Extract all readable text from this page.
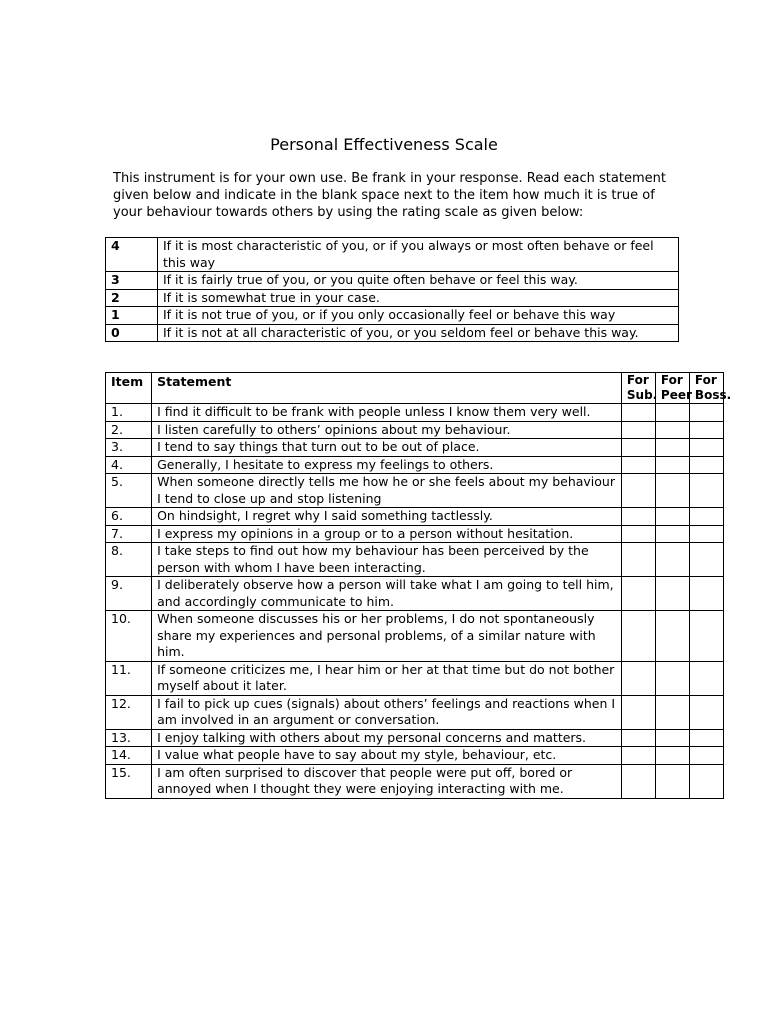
Personal Effectiveness Scale
This instrument is for your own use. Be frank in your response. Read each statement given below and indicate in the blank space next to the item how much it is true of your behaviour towards others by using the rating scale as given below:
4	If it is most characteristic of you, or if you always or most often behave or feel this way
3	If it is fairly true of you, or you quite often behave or feel this way.
2	If it is somewhat true in your case.
1	If it is not true of you, or if you only occasionally feel or behave this way
0	If it is not at all characteristic of you, or you seldom feel or behave this way.
Item	Statement	For Sub.	For Peer	For Boss.
1.	I find it difficult to be frank with people unless I know them very well.			
2.	I listen carefully to others’ opinions about my behaviour.			
3.	I tend to say things that turn out to be out of place.			
4.	Generally, I hesitate to express my feelings to others.			
5.	When someone directly tells me how he or she feels about my behaviour I tend to close up and stop listening			
6.	On hindsight, I regret why I said something tactlessly.			
7.	I express my opinions in a group or to a person without hesitation.			
8.	I take steps to find out how my behaviour has been perceived by the person with whom I have been interacting.			
9.	I deliberately observe how a person will take what I am going to tell him, and accordingly communicate to him.			
10.	When someone discusses his or her problems, I do not spontaneously share my experiences and personal problems, of a similar nature with him.			
11.	If someone criticizes me, I hear him or her at that time but do not bother myself about it later.			
12.	I fail to pick up cues (signals) about others’ feelings and reactions when I am involved in an argument or conversation.			
13.	I enjoy talking with others about my personal concerns and matters.			
14.	I value what people have to say about my style, behaviour, etc.			
15.	I am often surprised to discover that people were put off, bored or annoyed when I thought they were enjoying interacting with me.			
